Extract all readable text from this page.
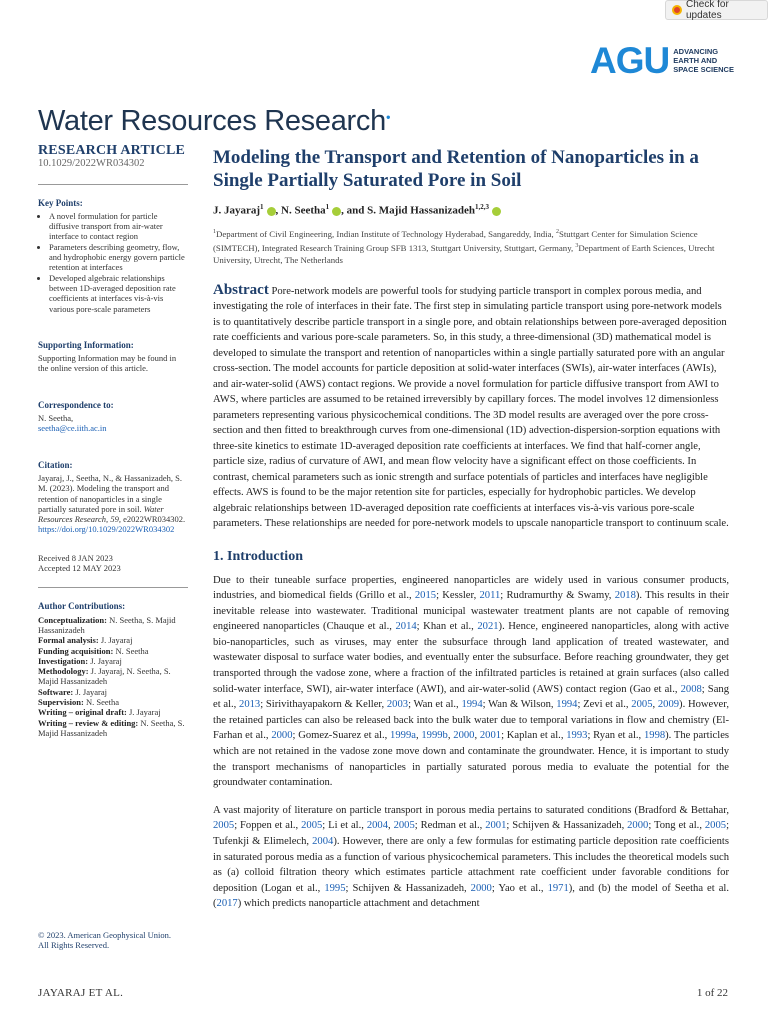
Check for updates
AGU ADVANCING
EARTH AND
SPACE SCIENCE
Water Resources Research●
RESEARCH ARTICLE
10.1029/2022WR034302
Key Points:
• A novel formulation for particle diffusive transport from air-water interface to contact region
• Parameters describing geometry, flow, and hydrophobic energy govern particle retention at interfaces
• Developed algebraic relationships between 1D-averaged deposition rate coefficients at interfaces vis-à-vis various pore-scale parameters
Supporting Information:
Supporting Information may be found in the online version of this article.
Correspondence to:
N. Seetha,
seetha@ce.iith.ac.in
Citation:
Jayaraj, J., Seetha, N., & Hassanizadeh, S. M. (2023). Modeling the transport and retention of nanoparticles in a single partially saturated pore in soil. Water Resources Research, 59, e2022WR034302. https://doi.org/10.1029/2022WR034302
Received 8 JAN 2023
Accepted 12 MAY 2023
Author Contributions:
Conceptualization: N. Seetha, S. Majid Hassanizadeh
Formal analysis: J. Jayaraj
Funding acquisition: N. Seetha
Investigation: J. Jayaraj
Methodology: J. Jayaraj, N. Seetha, S. Majid Hassanizadeh
Software: J. Jayaraj
Supervision: N. Seetha
Writing – original draft: J. Jayaraj
Writing – review & editing: N. Seetha, S. Majid Hassanizadeh
© 2023. American Geophysical Union.
All Rights Reserved.
Modeling the Transport and Retention of Nanoparticles in a Single Partially Saturated Pore in Soil
J. Jayaraj$^1$ , N. Seetha$^1$ , and S. Majid Hassanizadeh$^{1,2,3}$
$^1$Department of Civil Engineering, Indian Institute of Technology Hyderabad, Sangareddy, India, $^2$Stuttgart Center for Simulation Science (SIMTECH), Integrated Research Training Group SFB 1313, Stuttgart University, Stuttgart, Germany, $^3$Department of Earth Sciences, Utrecht University, Utrecht, The Netherlands
Abstract Pore-network models are powerful tools for studying particle transport in complex porous media, and investigating the role of interfaces in their fate. The first step in simulating particle transport using pore-network models is to quantitatively describe particle transport in a single pore, and obtain relationships between pore-averaged deposition rate coefficients and various pore-scale parameters. So, in this study, a three-dimensional (3D) mathematical model is developed to simulate the transport and retention of nanoparticles within a single partially saturated pore with an angular cross-section. The model accounts for particle deposition at solid-water interfaces (SWIs), air-water interfaces (AWIs), and air-water-solid (AWS) contact regions. We provide a novel formulation for particle diffusive transport from AWI to AWS, where particles are assumed to be retained irreversibly by capillary forces. The model involves 12 dimensionless parameters representing various physicochemical conditions. The 3D model results are averaged over the pore cross-section and then fitted to breakthrough curves from one-dimensional (1D) advection-dispersion-sorption equations with three-site kinetics to estimate 1D-averaged deposition rate coefficients at interfaces. We find that half-corner angle, particle size, radius of curvature of AWI, and mean flow velocity have a significant effect on those coefficients. In contrast, chemical parameters such as ionic strength and surface potentials of particles and interfaces have negligible effects. AWS is found to be the major retention site for particles, especially for hydrophobic particles. We develop algebraic relationships between 1D-averaged deposition rate coefficients at interfaces vis-à-vis various pore-scale parameters. These relationships are needed for pore-network models to upscale nanoparticle transport to continuum scale.
1. Introduction
Due to their tuneable surface properties, engineered nanoparticles are widely used in various consumer products, industries, and biomedical fields (Grillo et al., 2015; Kessler, 2011; Rudramurthy & Swamy, 2018). This results in their inevitable release into wastewater. Traditional municipal wastewater treatment plants are not capable of removing engineered nanoparticles (Chauque et al., 2014; Khan et al., 2021). Hence, engineered nanoparticles, along with active bio-nanoparticles, such as viruses, may enter the subsurface through land application of treated wastewater, and wastewater disposal to surface water bodies, and eventually enter the subsurface. Before reaching groundwater, they get transported through the vadose zone, where a fraction of the infiltrated particles is retained at grain surfaces (also called solid-water interface, SWI), air-water interface (AWI), and air-water-solid (AWS) contact region (Gao et al., 2008; Sang et al., 2013; Sirivithayapakorn & Keller, 2003; Wan et al., 1994; Wan & Wilson, 1994; Zevi et al., 2005, 2009). However, the retained particles can also be released back into the bulk water due to temporal variations in flow and chemistry (El-Farhan et al., 2000; Gomez-Suarez et al., 1999a, 1999b, 2000, 2001; Kaplan et al., 1993; Ryan et al., 1998). The particles which are not retained in the vadose zone move down and contaminate the groundwater. Hence, it is important to study the transport mechanisms of nanoparticles in partially saturated porous media to evaluate the potential for the groundwater contamination.
A vast majority of literature on particle transport in porous media pertains to saturated conditions (Bradford & Bettahar, 2005; Foppen et al., 2005; Li et al., 2004, 2005; Redman et al., 2001; Schijven & Hassanizadeh, 2000; Tong et al., 2005; Tufenkji & Elimelech, 2004). However, there are only a few formulas for estimating particle deposition rate coefficients in saturated porous media as a function of various physicochemical parameters. This includes the theoretical models such as (a) colloid filtration theory which estimates particle attachment rate coefficient under favorable conditions for deposition (Logan et al., 1995; Schijven & Hassanizadeh, 2000; Yao et al., 1971), and (b) the model of Seetha et al. (2017) which predicts nanoparticle attachment and detachment
JAYARAJ ET AL.	1 of 22
